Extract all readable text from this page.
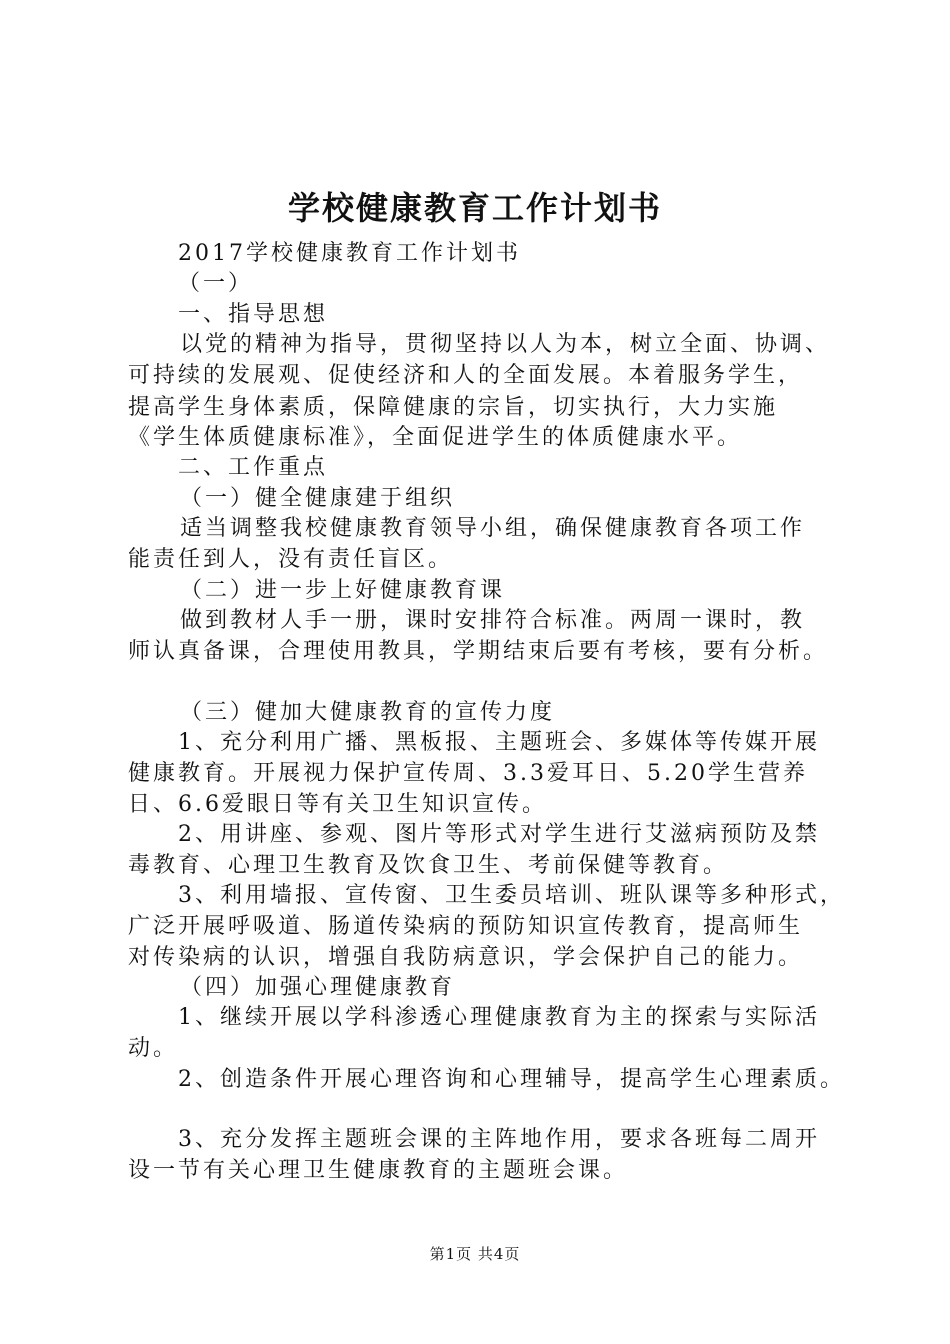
学校健康教育工作计划书

2017学校健康教育工作计划书

（一）

一、指导思想

以党的精神为指导，贯彻坚持以人为本，树立全面、协调、

可持续的发展观、促使经济和人的全面发展。本着服务学生，

提高学生身体素质，保障健康的宗旨，切实执行，大力实施

《学生体质健康标准》，全面促进学生的体质健康水平。

二、工作重点

（一）健全健康建于组织

适当调整我校健康教育领导小组，确保健康教育各项工作

能责任到人，没有责任盲区。

（二）进一步上好健康教育课

做到教材人手一册，课时安排符合标准。两周一课时，教

师认真备课，合理使用教具，学期结束后要有考核，要有分析。

（三）健加大健康教育的宣传力度

1、充分利用广播、黑板报、主题班会、多媒体等传媒开展

健康教育。开展视力保护宣传周、3.3爱耳日、5.20学生营养

日、6.6爱眼日等有关卫生知识宣传。

2、用讲座、参观、图片等形式对学生进行艾滋病预防及禁

毒教育、心理卫生教育及饮食卫生、考前保健等教育。

3、利用墙报、宣传窗、卫生委员培训、班队课等多种形式，

广泛开展呼吸道、肠道传染病的预防知识宣传教育，提高师生

对传染病的认识，增强自我防病意识，学会保护自己的能力。

（四）加强心理健康教育

1、继续开展以学科渗透心理健康教育为主的探索与实际活

动。

2、创造条件开展心理咨询和心理辅导，提高学生心理素质。

3、充分发挥主题班会课的主阵地作用，要求各班每二周开

设一节有关心理卫生健康教育的主题班会课。

第1页 共4页
